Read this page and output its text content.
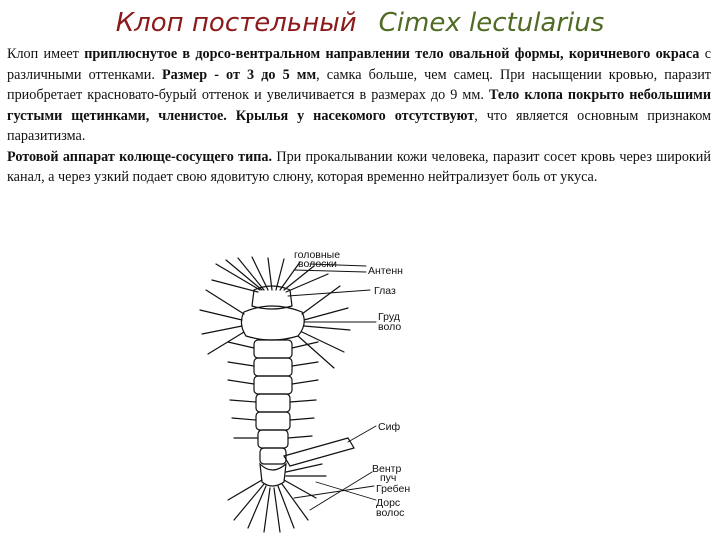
Клоп постельный Cimex lectularius

Клоп имеет приплюснутое в дорсо-вентральном направлении тело овальной формы, коричневого окраса с различными оттенками. Размер - от 3 до 5 мм, самка больше, чем самец. При насыщении кровью, паразит приобретает красновато-бурый оттенок и увеличивается в размерах до 9 мм. Тело клопа покрыто небольшими густыми щетинками, членистое. Крылья у насекомого отсутствуют, что является основным признаком паразитизма.

Ротовой аппарат колюще-сосущего типа. При прокалывании кожи человека, паразит сосет кровь через широкий канал, а через узкий подает свою ядовитую слюну, которая временно нейтрализует боль от укуса.

головные
волоски
Антенн
Глаз
Груд
воло
Сиф
Вентр
пуч
Гребен
Дорс
волос
